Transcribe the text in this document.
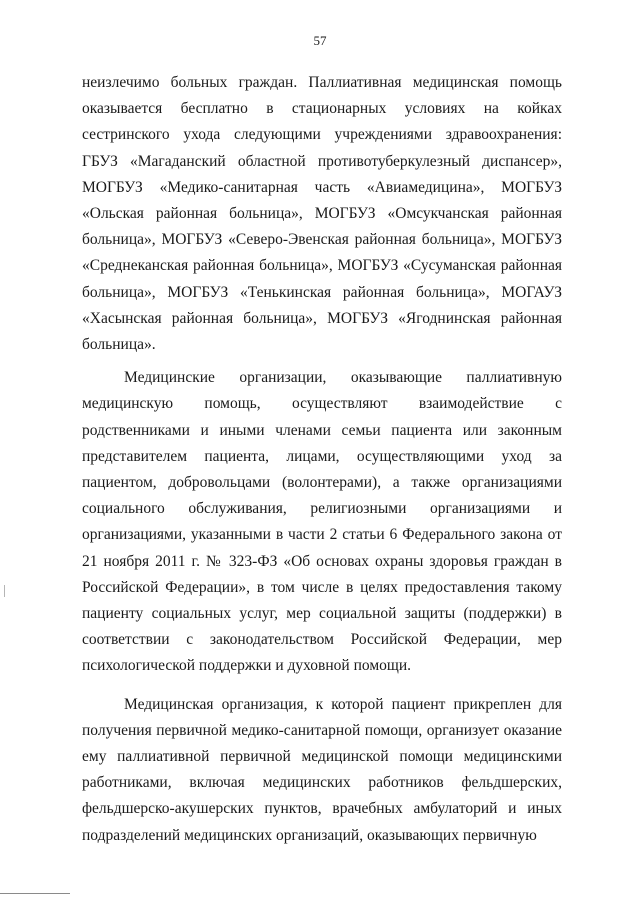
57

неизлечимо больных граждан. Паллиативная медицинская помощь оказывается бесплатно в стационарных условиях на койках сестринского ухода следующими учреждениями здравоохранения: ГБУЗ «Магаданский областной противотуберкулезный диспансер», МОГБУЗ «Медико-санитарная часть «Авиамедицина», МОГБУЗ «Ольская районная больница», МОГБУЗ «Омсукчанская районная больница», МОГБУЗ «Северо-Эвенская районная больница», МОГБУЗ «Среднеканская районная больница», МОГБУЗ «Сусуманская районная больница», МОГБУЗ «Тенькинская районная больница», МОГАУЗ «Хасынская районная больница», МОГБУЗ «Ягоднинская районная больница».

Медицинские организации, оказывающие паллиативную медицинскую помощь, осуществляют взаимодействие с родственниками и иными членами семьи пациента или законным представителем пациента, лицами, осуществляющими уход за пациентом, добровольцами (волонтерами), а также организациями социального обслуживания, религиозными организациями и организациями, указанными в части 2 статьи 6 Федерального закона от 21 ноября 2011 г. № 323-ФЗ «Об основах охраны здоровья граждан в Российской Федерации», в том числе в целях предоставления такому пациенту социальных услуг, мер социальной защиты (поддержки) в соответствии с законодательством Российской Федерации, мер психологической поддержки и духовной помощи.

Медицинская организация, к которой пациент прикреплен для получения первичной медико-санитарной помощи, организует оказание ему паллиативной первичной медицинской помощи медицинскими работниками, включая медицинских работников фельдшерских, фельдшерско-акушерских пунктов, врачебных амбулаторий и иных подразделений медицинских организаций, оказывающих первичную
